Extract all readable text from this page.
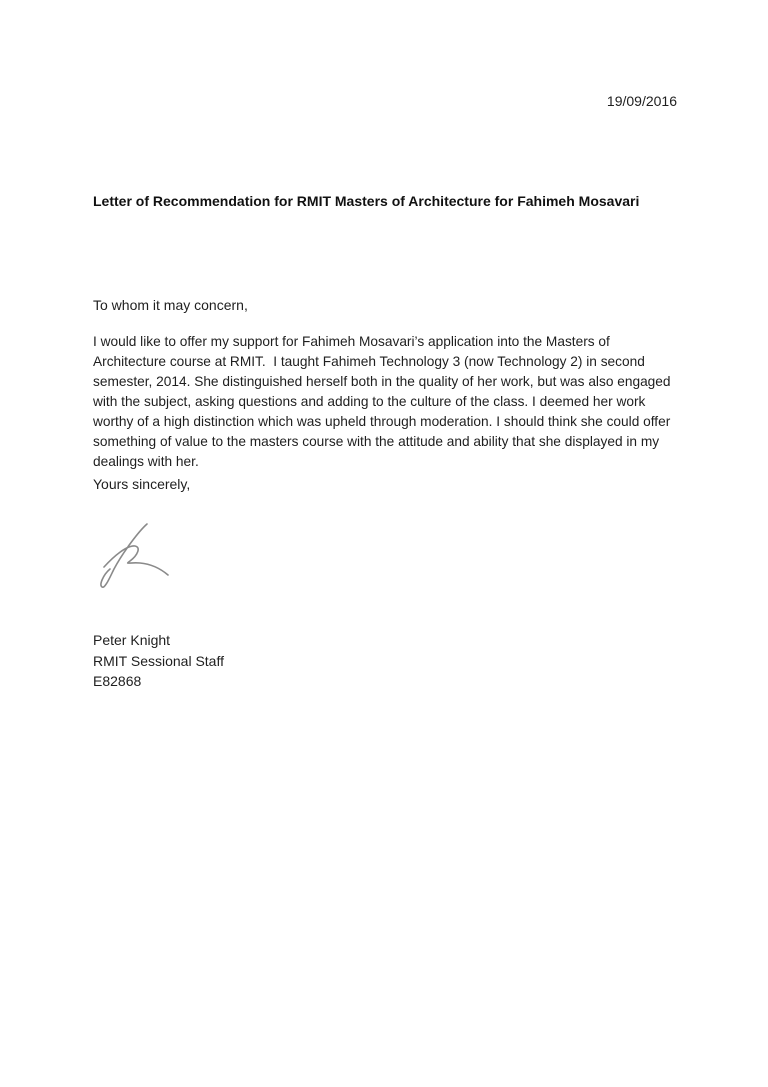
19/09/2016
Letter of Recommendation for RMIT Masters of Architecture for Fahimeh Mosavari
To whom it may concern,
I would like to offer my support for Fahimeh Mosavari’s application into the Masters of Architecture course at RMIT.  I taught Fahimeh Technology 3 (now Technology 2) in second semester, 2014. She distinguished herself both in the quality of her work, but was also engaged with the subject, asking questions and adding to the culture of the class. I deemed her work worthy of a high distinction which was upheld through moderation. I should think she could offer something of value to the masters course with the attitude and ability that she displayed in my dealings with her.
Yours sincerely,
Peter Knight
RMIT Sessional Staff
E82868
